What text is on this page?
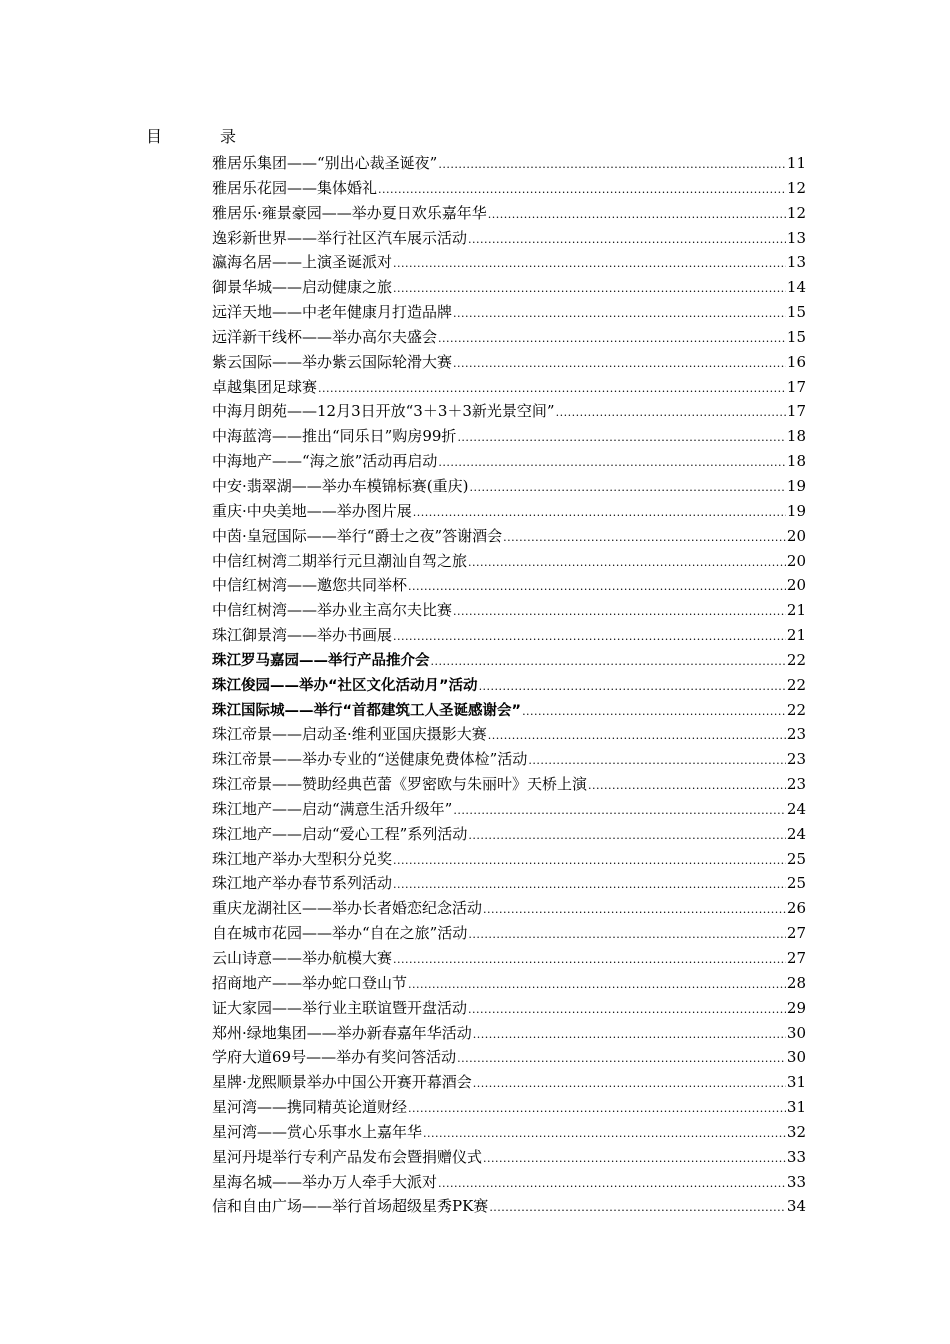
目	录
雅居乐集团——“别出心裁圣诞夜” .....	11
雅居乐花园——集体婚礼 .....	12
雅居乐·雍景豪园——举办夏日欢乐嘉年华 .....	12
逸彩新世界——举行社区汽车展示活动 .....	13
瀛海名居——上演圣诞派对 .....	13
御景华城——启动健康之旅 .....	14
远洋天地——中老年健康月打造品牌 .....	15
远洋新干线杯——举办高尔夫盛会 .....	15
紫云国际——举办紫云国际轮滑大赛 .....	16
卓越集团足球赛 .....	17
中海月朗苑——12月3日开放“3＋3＋3新光景空间” .....	17
中海蓝湾——推出“同乐日”购房99折 .....	18
中海地产——“海之旅”活动再启动 .....	18
中安·翡翠湖——举办车模锦标赛(重庆) .....	19
重庆·中央美地——举办图片展 .....	19
中茵·皇冠国际——举行“爵士之夜”答谢酒会 .....	20
中信红树湾二期举行元旦潮汕自驾之旅 .....	20
中信红树湾——邀您共同举杯 .....	20
中信红树湾——举办业主高尔夫比赛 .....	21
珠江御景湾——举办书画展 .....	21
珠江罗马嘉园——举行产品推介会 .....	22
珠江俊园——举办“社区文化活动月”活动 .....	22
珠江国际城——举行“首都建筑工人圣诞感谢会” .....	22
珠江帝景——启动圣·维利亚国庆摄影大赛 .....	23
珠江帝景——举办专业的“送健康免费体检”活动 .....	23
珠江帝景——赞助经典芭蕾《罗密欧与朱丽叶》天桥上演 .....	23
珠江地产——启动“满意生活升级年” .....	24
珠江地产——启动“爱心工程”系列活动 .....	24
珠江地产举办大型积分兑奖 .....	25
珠江地产举办春节系列活动 .....	25
重庆龙湖社区——举办长者婚恋纪念活动 .....	26
自在城市花园——举办“自在之旅”活动 .....	27
云山诗意——举办航模大赛 .....	27
招商地产——举办蛇口登山节 .....	28
证大家园——举行业主联谊暨开盘活动 .....	29
郑州·绿地集团——举办新春嘉年华活动 .....	30
学府大道69号——举办有奖问答活动 .....	30
星牌·龙熙顺景举办中国公开赛开幕酒会 .....	31
星河湾——携同精英论道财经 .....	31
星河湾——赏心乐事水上嘉年华 .....	32
星河丹堤举行专利产品发布会暨捐赠仪式 .....	33
星海名城——举办万人牵手大派对 .....	33
信和自由广场——举行首场超级星秀PK赛 .....	34
